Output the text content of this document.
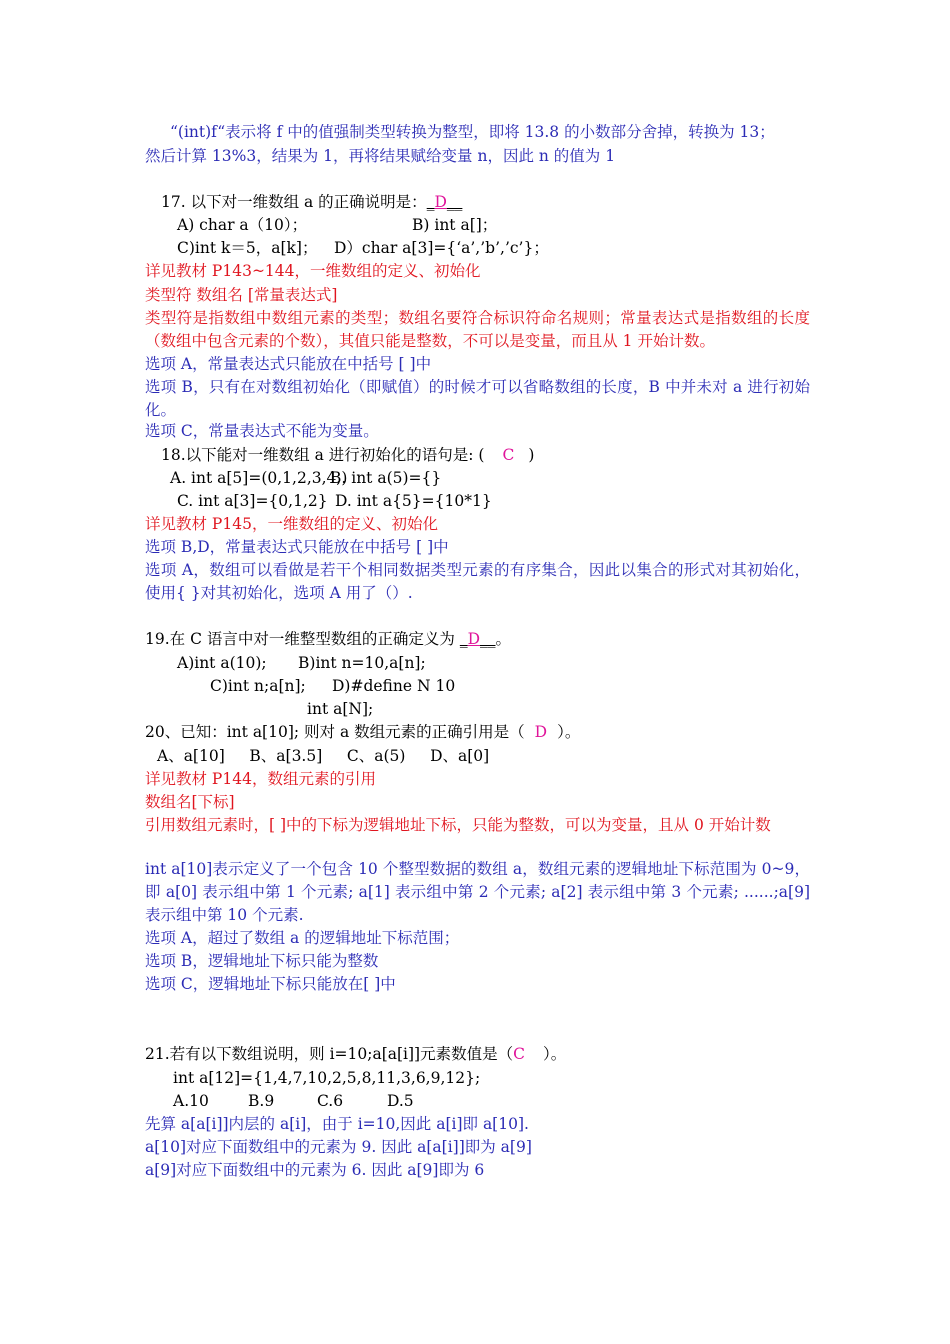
“(int)f“表示将 f 中的值强制类型转换为整型，即将 13.8 的小数部分舍掉，转换为 13；
然后计算 13%3，结果为 1，再将结果赋给变量 n，因此 n 的值为 1
17. 以下对一维数组 a 的正确说明是：_D__
A) char a（10）；	B) int a[]；
C)int k＝5，a[k]； D）char a[3]={‘a’,’b’,’c’}；
详见教材 P143~144，一维数组的定义、初始化
类型符 数组名 [常量表达式]
类型符是指数组中数组元素的类型；数组名要符合标识符命名规则；常量表达式是指数组的长度（数组中包含元素的个数），其值只能是整数，不可以是变量，而且从 1 开始计数。
选项 A，常量表达式只能放在中括号 [ ]中
选项 B，只有在对数组初始化（即赋值）的时候才可以省略数组的长度，B 中并未对 a 进行初始化。
选项 C，常量表达式不能为变量。
18.以下能对一维数组 a 进行初始化的语句是: ( C )
A. int a[5]=(0,1,2,3,4,)
B. int a(5)={}
C. int a[3]={0,1,2} D. int a{5}={10*1}
详见教材 P145，一维数组的定义、初始化
选项 B,D，常量表达式只能放在中括号 [ ]中
选项 A，数组可以看做是若干个相同数据类型元素的有序集合，因此以集合的形式对其初始化，使用{ }对其初始化，选项 A 用了（）.
19.在 C 语言中对一维整型数组的正确定义为 _D__。
A)int a(10); B)int n=10,a[n];
C)int n;a[n]; D)#define N 10
int a[N];
20、已知：int a[10]; 则对 a 数组元素的正确引用是（ D ）。
A、a[10]     B、a[3.5]     C、a(5)     D、a[0]
详见教材 P144，数组元素的引用
数组名[下标]
引用数组元素时，[ ]中的下标为逻辑地址下标，只能为整数，可以为变量，且从 0 开始计数
int a[10]表示定义了一个包含 10 个整型数据的数组 a，数组元素的逻辑地址下标范围为 0~9，即 a[0] 表示组中第 1 个元素; a[1] 表示组中第 2 个元素; a[2] 表示组中第 3 个元素; ......;a[9] 表示组中第 10 个元素.
选项 A，超过了数组 a 的逻辑地址下标范围；
选项 B，逻辑地址下标只能为整数
选项 C，逻辑地址下标只能放在[ ]中
21.若有以下数组说明，则 i=10;a[a[i]]元素数值是（C ）。
int a[12]={1,4,7,10,2,5,8,11,3,6,9,12};
A.10	B.9	C.6	D.5
先算 a[a[i]]内层的 a[i]，由于 i=10,因此 a[i]即 a[10].
a[10]对应下面数组中的元素为 9. 因此 a[a[i]]即为 a[9]
a[9]对应下面数组中的元素为 6. 因此 a[9]即为 6
